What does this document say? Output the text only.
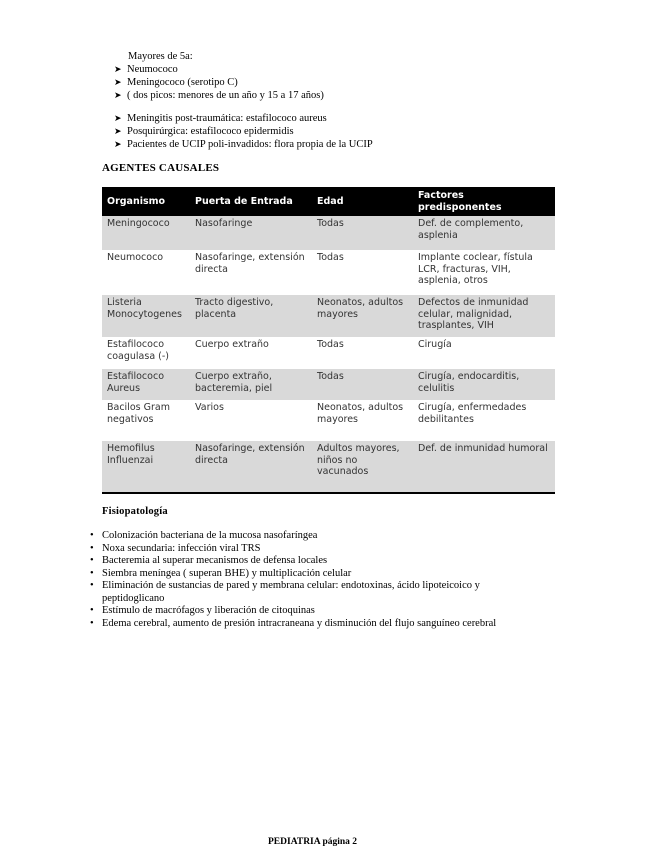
Mayores de 5a:
➤ Neumococo
➤ Meningococo (serotipo C)
➤ ( dos picos: menores de un año y 15 a 17 años)
➤ Meningitis post-traumática: estafilococo aureus
➤ Posquirúrgica: estafilococo epidermidis
➤ Pacientes de UCIP poli-invadidos: flora propia de la UCIP
AGENTES CAUSALES
Organismo	Puerta de Entrada	Edad	Factores predisponentes
Meningococo	Nasofaringe	Todas	Def. de complemento, asplenia
Neumococo	Nasofaringe, extensión directa	Todas	Implante coclear, fístula LCR, fracturas, VIH, asplenia, otros
Listeria Monocytogenes	Tracto digestivo, placenta	Neonatos, adultos mayores	Defectos de inmunidad celular, malignidad, trasplantes, VIH
Estafilococo coagulasa (-)	Cuerpo extraño	Todas	Cirugía
Estafilococo Aureus	Cuerpo extraño, bacteremia, piel	Todas	Cirugía, endocarditis, celulitis
Bacilos Gram negativos	Varios	Neonatos, adultos mayores	Cirugía, enfermedades debilitantes
Hemofilus Influenzai	Nasofaringe, extensión directa	Adultos mayores, niños no vacunados	Def. de inmunidad humoral
Fisiopatología
• Colonización bacteriana de la mucosa nasofaríngea
• Noxa secundaria: infección viral TRS
• Bacteremia al superar mecanismos de defensa locales
• Siembra meníngea ( superan BHE) y multiplicación celular
• Eliminación de sustancias de pared y membrana celular: endotoxinas, ácido lipoteicoico y peptidoglicano
• Estímulo de macrófagos y liberación de citoquinas
• Edema cerebral, aumento de presión intracraneana y disminución del flujo sanguíneo cerebral
PEDIATRIA página 2
